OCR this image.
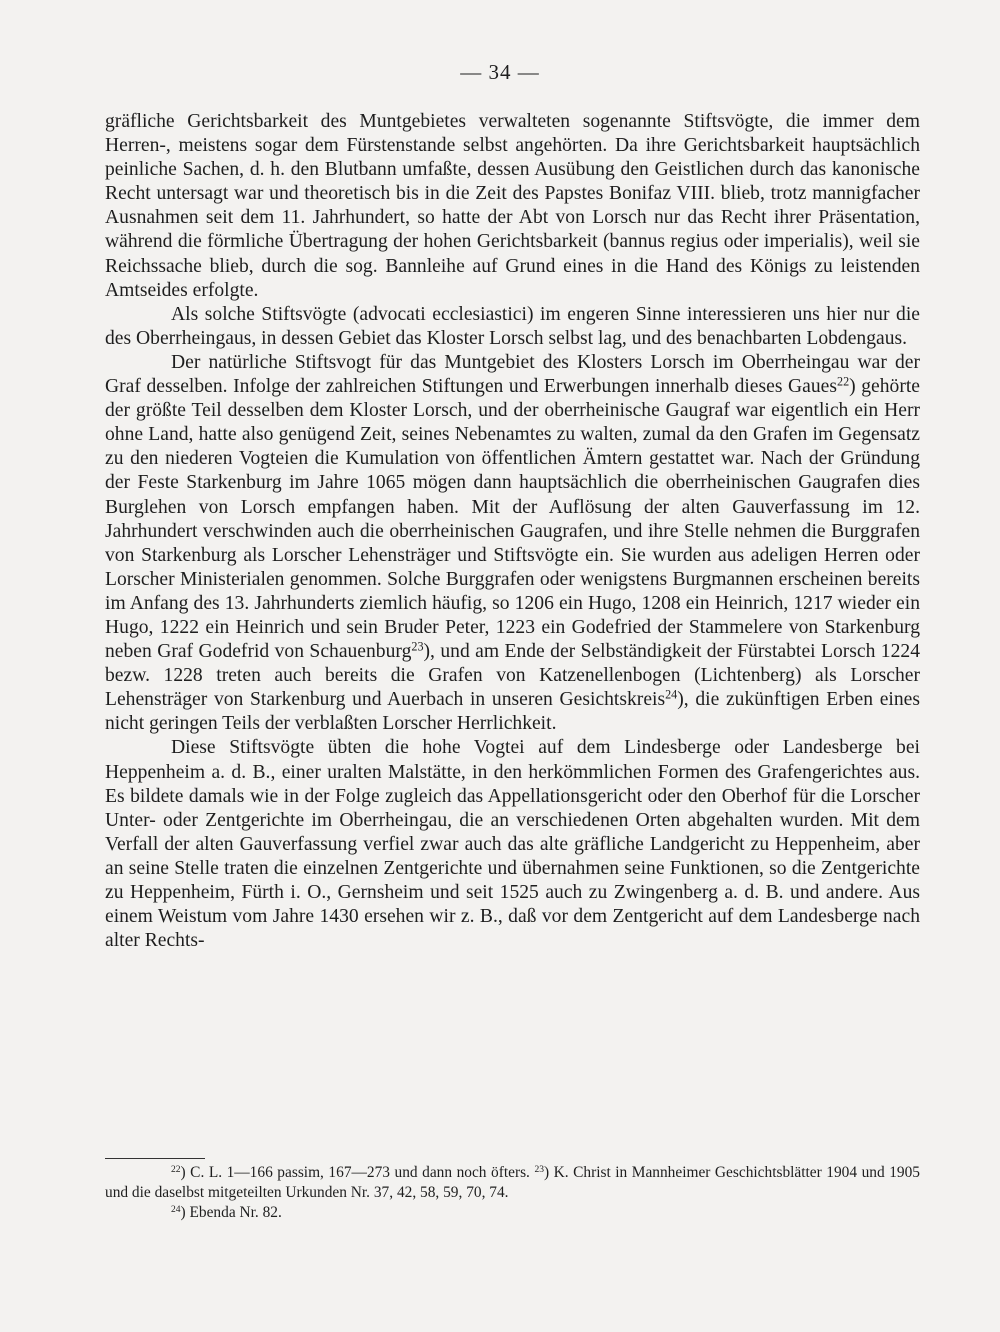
— 34 —

gräfliche Gerichtsbarkeit des Muntgebietes verwalteten sogenannte Stiftsvögte, die immer dem Herren-, meistens sogar dem Fürstenstande selbst angehörten. Da ihre Gerichtsbarkeit hauptsächlich peinliche Sachen, d. h. den Blutbann umfaßte, dessen Ausübung den Geistlichen durch das kanonische Recht untersagt war und theoretisch bis in die Zeit des Papstes Bonifaz VIII. blieb, trotz mannigfacher Ausnahmen seit dem 11. Jahrhundert, so hatte der Abt von Lorsch nur das Recht ihrer Präsentation, während die förmliche Übertragung der hohen Gerichtsbarkeit (bannus regius oder imperialis), weil sie Reichssache blieb, durch die sog. Bannleihe auf Grund eines in die Hand des Königs zu leistenden Amtseides erfolgte.

Als solche Stiftsvögte (advocati ecclesiastici) im engeren Sinne interessieren uns hier nur die des Oberrheingaus, in dessen Gebiet das Kloster Lorsch selbst lag, und des benachbarten Lobdengaus.

Der natürliche Stiftsvogt für das Muntgebiet des Klosters Lorsch im Oberrheingau war der Graf desselben. Infolge der zahlreichen Stiftungen und Erwerbungen innerhalb dieses Gaues$^{22}$) gehörte der größte Teil desselben dem Kloster Lorsch, und der oberrheinische Gaugraf war eigentlich ein Herr ohne Land, hatte also genügend Zeit, seines Nebenamtes zu walten, zumal da den Grafen im Gegensatz zu den niederen Vogteien die Kumulation von öffentlichen Ämtern gestattet war. Nach der Gründung der Feste Starkenburg im Jahre 1065 mögen dann hauptsächlich die oberrheinischen Gaugrafen dies Burglehen von Lorsch empfangen haben. Mit der Auflösung der alten Gauverfassung im 12. Jahrhundert verschwinden auch die oberrheinischen Gaugrafen, und ihre Stelle nehmen die Burggrafen von Starkenburg als Lorscher Lehensträger und Stiftsvögte ein. Sie wurden aus adeligen Herren oder Lorscher Ministerialen genommen. Solche Burggrafen oder wenigstens Burgmannen erscheinen bereits im Anfang des 13. Jahrhunderts ziemlich häufig, so 1206 ein Hugo, 1208 ein Heinrich, 1217 wieder ein Hugo, 1222 ein Heinrich und sein Bruder Peter, 1223 ein Godefried der Stammelere von Starkenburg neben Graf Godefrid von Schauenburg$^{23}$), und am Ende der Selbständigkeit der Fürstabtei Lorsch 1224 bezw. 1228 treten auch bereits die Grafen von Katzenellenbogen (Lichtenberg) als Lorscher Lehensträger von Starkenburg und Auerbach in unseren Gesichtskreis$^{24}$), die zukünftigen Erben eines nicht geringen Teils der verblaßten Lorscher Herrlichkeit.

Diese Stiftsvögte übten die hohe Vogtei auf dem Lindesberge oder Landesberge bei Heppenheim a. d. B., einer uralten Malstätte, in den herkömmlichen Formen des Grafengerichtes aus. Es bildete damals wie in der Folge zugleich das Appellationsgericht oder den Oberhof für die Lorscher Unter- oder Zentgerichte im Oberrheingau, die an verschiedenen Orten abgehalten wurden. Mit dem Verfall der alten Gauverfassung verfiel zwar auch das alte gräfliche Landgericht zu Heppenheim, aber an seine Stelle traten die einzelnen Zentgerichte und übernahmen seine Funktionen, so die Zentgerichte zu Heppenheim, Fürth i. O., Gernsheim und seit 1525 auch zu Zwingenberg a. d. B. und andere. Aus einem Weistum vom Jahre 1430 ersehen wir z. B., daß vor dem Zentgericht auf dem Landesberge nach alter Rechts-

$^{22}$) C. L. 1—166 passim, 167—273 und dann noch öfters. $^{23}$) K. Christ in Mannheimer Geschichtsblätter 1904 und 1905 und die daselbst mitgeteilten Urkunden Nr. 37, 42, 58, 59, 70, 74.

$^{24}$) Ebenda Nr. 82.
